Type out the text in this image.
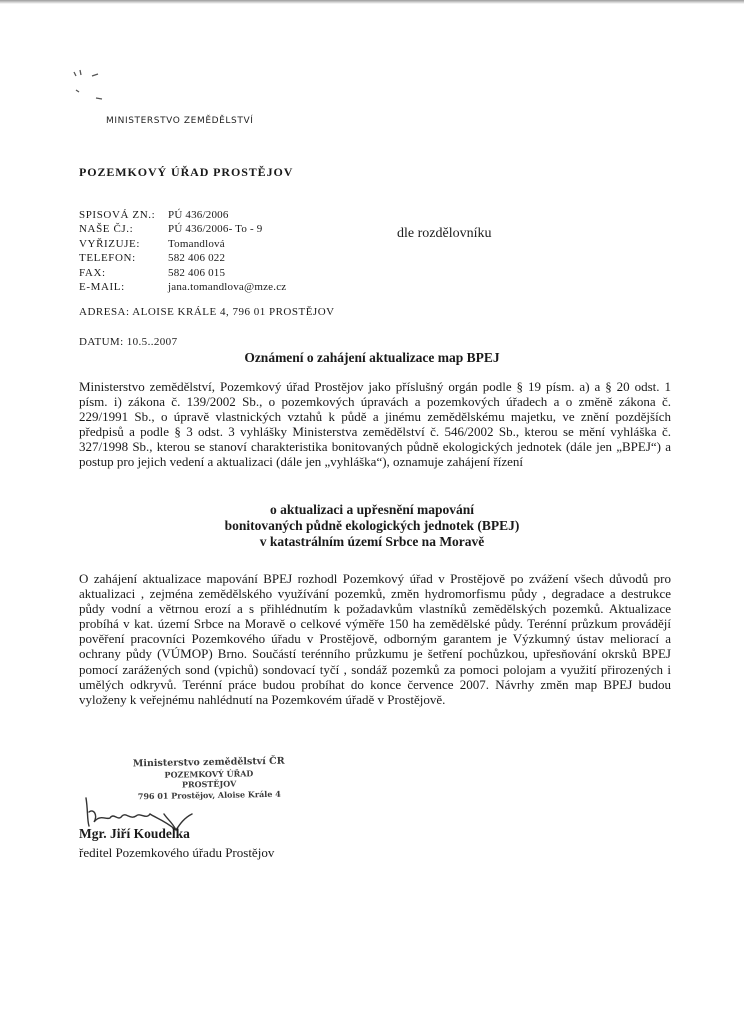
MINISTERSTVO ZEMĚDĚLSTVÍ
POZEMKOVÝ ÚŘAD PROSTĚJOV
SPISOVÁ ZN.:	PÚ 436/2006
NAŠE ČJ.:	PÚ 436/2006- To - 9
VYŘIZUJE:	Tomandlová
TELEFON:	582 406 022
FAX:	582 406 015
E-MAIL:	jana.tomandlova@mze.cz
dle rozdělovníku
ADRESA: ALOISE KRÁLE 4, 796 01 PROSTĚJOV
DATUM: 10.5..2007
Oznámení o zahájení aktualizace map BPEJ

Ministerstvo zemědělství, Pozemkový úřad Prostějov jako příslušný orgán podle § 19 písm. a) a § 20 odst. 1 písm. i) zákona č. 139/2002 Sb., o pozemkových úpravách a pozemkových úřadech a o změně zákona č. 229/1991 Sb., o úpravě vlastnických vztahů k půdě a jinému zemědělskému majetku, ve znění pozdějších předpisů a podle § 3 odst. 3 vyhlášky Ministerstva zemědělství č. 546/2002 Sb., kterou se mění vyhláška č. 327/1998 Sb., kterou se stanoví charakteristika bonitovaných půdně ekologických jednotek (dále jen „BPEJ“) a postup pro jejich vedení a aktualizaci (dále jen „vyhláška“), oznamuje zahájení řízení

o aktualizaci a upřesnění mapování
bonitovaných půdně ekologických jednotek (BPEJ)
v katastrálním území Srbce na Moravě

O zahájení aktualizace mapování BPEJ rozhodl Pozemkový úřad v Prostějově po zvážení všech důvodů pro aktualizaci , zejména zemědělského využívání pozemků, změn hydromorfismu půdy , degradace a destrukce půdy vodní a větrnou erozí a s přihlédnutím k požadavkům vlastníků zemědělských pozemků. Aktualizace probíhá v kat. území Srbce na Moravě o celkové výměře 150 ha zemědělské půdy. Terénní průzkum provádějí pověření pracovníci Pozemkového úřadu v Prostějově, odborným garantem je Výzkumný ústav meliorací a ochrany půdy (VÚMOP) Brno. Součástí terénního průzkumu je šetření pochůzkou, upřesňování okrsků BPEJ pomocí zarážených sond (vpichů) sondovací tyčí , sondáž pozemků za pomoci polojam a využití přirozených i umělých odkryvů. Terénní práce budou probíhat do konce července 2007. Návrhy změn map BPEJ budou vyloženy k veřejnému nahlédnutí na Pozemkovém úřadě v Prostějově.

Ministerstvo zemědělství ČR
POZEMKOVÝ ÚŘAD
PROSTĚJOV
796 01 Prostějov, Aloise Krále 4
Mgr. Jiří Koudelka
ředitel Pozemkového úřadu Prostějov
